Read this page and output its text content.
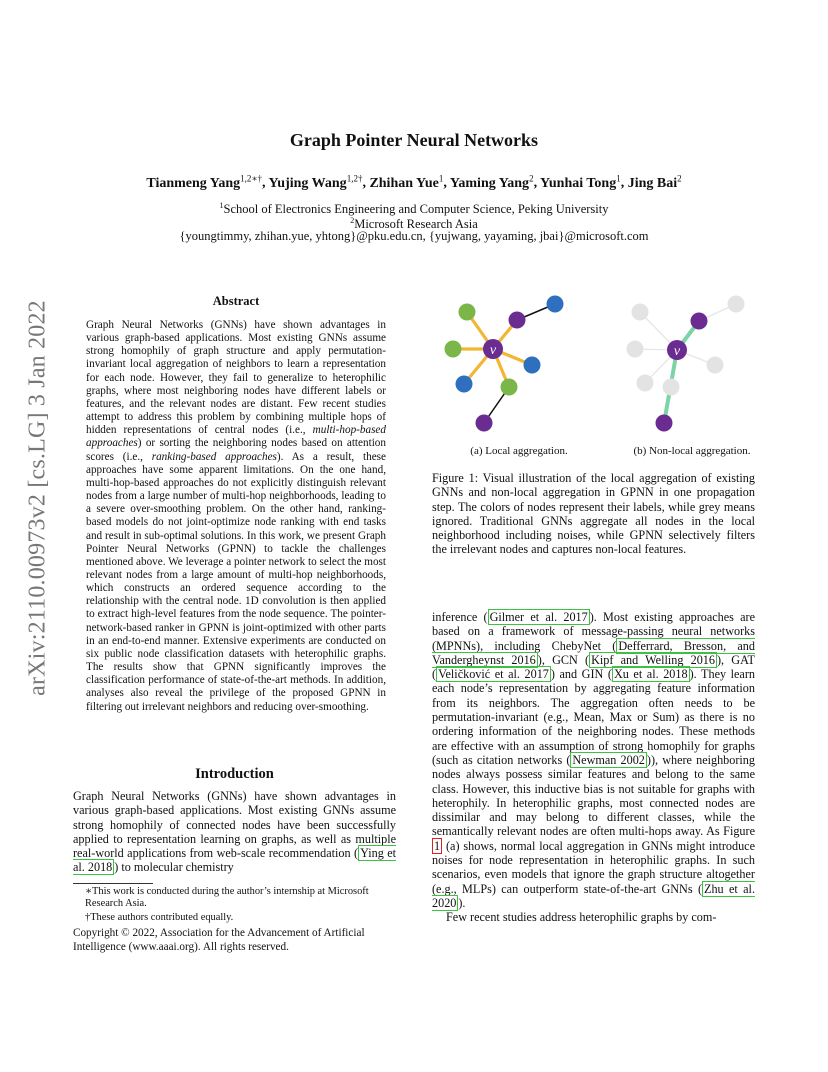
arXiv:2110.00973v2 [cs.LG] 3 Jan 2022
Graph Pointer Neural Networks
Tianmeng Yang$^{1,2∗\dagger}$, Yujing Wang$^{1,2\dagger}$, Zhihan Yue$^1$, Yaming Yang$^2$, Yunhai Tong$^1$, Jing Bai$^2$
$^1$School of Electronics Engineering and Computer Science, Peking University
$^2$Microsoft Research Asia
{youngtimmy, zhihan.yue, yhtong}@pku.edu.cn, {yujwang, yayaming, jbai}@microsoft.com
Abstract
Graph Neural Networks (GNNs) have shown advantages in various graph-based applications. Most existing GNNs assume strong homophily of graph structure and apply permutation-invariant local aggregation of neighbors to learn a representation for each node. However, they fail to generalize to heterophilic graphs, where most neighboring nodes have different labels or features, and the relevant nodes are distant. Few recent studies attempt to address this problem by combining multiple hops of hidden representations of central nodes (i.e., multi-hop-based approaches) or sorting the neighboring nodes based on attention scores (i.e., ranking-based approaches). As a result, these approaches have some apparent limitations. On the one hand, multi-hop-based approaches do not explicitly distinguish relevant nodes from a large number of multi-hop neighborhoods, leading to a severe over-smoothing problem. On the other hand, ranking-based models do not joint-optimize node ranking with end tasks and result in sub-optimal solutions. In this work, we present Graph Pointer Neural Networks (GPNN) to tackle the challenges mentioned above. We leverage a pointer network to select the most relevant nodes from a large amount of multi-hop neighborhoods, which constructs an ordered sequence according to the relationship with the central node. 1D convolution is then applied to extract high-level features from the node sequence. The pointer-network-based ranker in GPNN is joint-optimized with other parts in an end-to-end manner. Extensive experiments are conducted on six public node classification datasets with heterophilic graphs. The results show that GPNN significantly improves the classification performance of state-of-the-art methods. In addition, analyses also reveal the privilege of the proposed GPNN in filtering out irrelevant neighbors and reducing over-smoothing.
Introduction
Graph Neural Networks (GNNs) have shown advantages in various graph-based applications. Most existing GNNs assume strong homophily of connected nodes have been successfully applied to representation learning on graphs, as well as multiple real-world applications from web-scale recommendation ( Ying et al. 2018 ) to molecular chemistry
∗This work is conducted during the author’s internship at Microsoft Research Asia.
†These authors contributed equally.
Copyright © 2022, Association for the Advancement of Artificial Intelligence (www.aaai.org). All rights reserved.
v	v
(a) Local aggregation.	(b) Non-local aggregation.
Figure 1: Visual illustration of the local aggregation of existing GNNs and non-local aggregation in GPNN in one propagation step. The colors of nodes represent their labels, while grey means ignored. Traditional GNNs aggregate all nodes in the local neighborhood including noises, while GPNN selectively filters the irrelevant nodes and captures non-local features.
inference ( Gilmer et al. 2017 ). Most existing approaches are based on a framework of message-passing neural networks (MPNNs), including ChebyNet ( Defferrard, Bresson, and Vandergheynst 2016 ), GCN ( Kipf and Welling 2016 ), GAT ( Veličković et al. 2017 ) and GIN ( Xu et al. 2018 ). They learn each node’s representation by aggregating feature information from its neighbors. The aggregation often needs to be permutation-invariant (e.g., Mean, Max or Sum) as there is no ordering information of the neighboring nodes. These methods are effective with an assumption of strong homophily for graphs (such as citation networks ( Newman 2002 )), where neighboring nodes always possess similar features and belong to the same class. However, this inductive bias is not suitable for graphs with heterophily. In heterophilic graphs, most connected nodes are dissimilar and may belong to different classes, while the semantically relevant nodes are often multi-hops away. As Figure 1 (a) shows, normal local aggregation in GNNs might introduce noises for node representation in heterophilic graphs. In such scenarios, even models that ignore the graph structure altogether (e.g., MLPs) can outperform state-of-the-art GNNs ( Zhu et al. 2020 ).
Few recent studies address heterophilic graphs by com-
